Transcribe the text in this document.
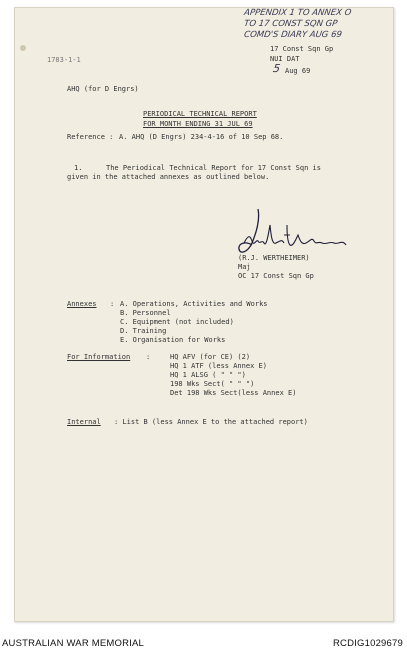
APPENDIX 1 TO ANNEX O
TO 17 CONST SQN GP
COMD'S DIARY AUG 69
1783-1-1
17 Const Sqn Gp
NUI DAT
5 Aug 69
AHQ (for D Engrs)
PERIODICAL TECHNICAL REPORT
FOR MONTH ENDING 31 JUL 69
Reference : A. AHQ (D Engrs) 234-4-16 of 10 Sep 68.
1.	The Periodical Technical Report for 17 Const Sqn is
given in the attached annexes as outlined below.
JWertheimer
(R.J. WERTHEIMER)
Maj
OC 17 Const Sqn Gp
Annexes : A. Operations, Activities and Works
B. Personnel
C. Equipment (not included)
D. Training
E. Organisation for Works
For Information :	HQ AFV (for CE) (2)
HQ 1 ATF (less Annex E)
HQ 1 ALSG ( " " ")
198 Wks Sect( " " ")
Det 198 Wks Sect(less Annex E)
Internal : List B (less Annex E to the attached report)
AUSTRALIAN WAR MEMORIAL	RCDIG1029679
